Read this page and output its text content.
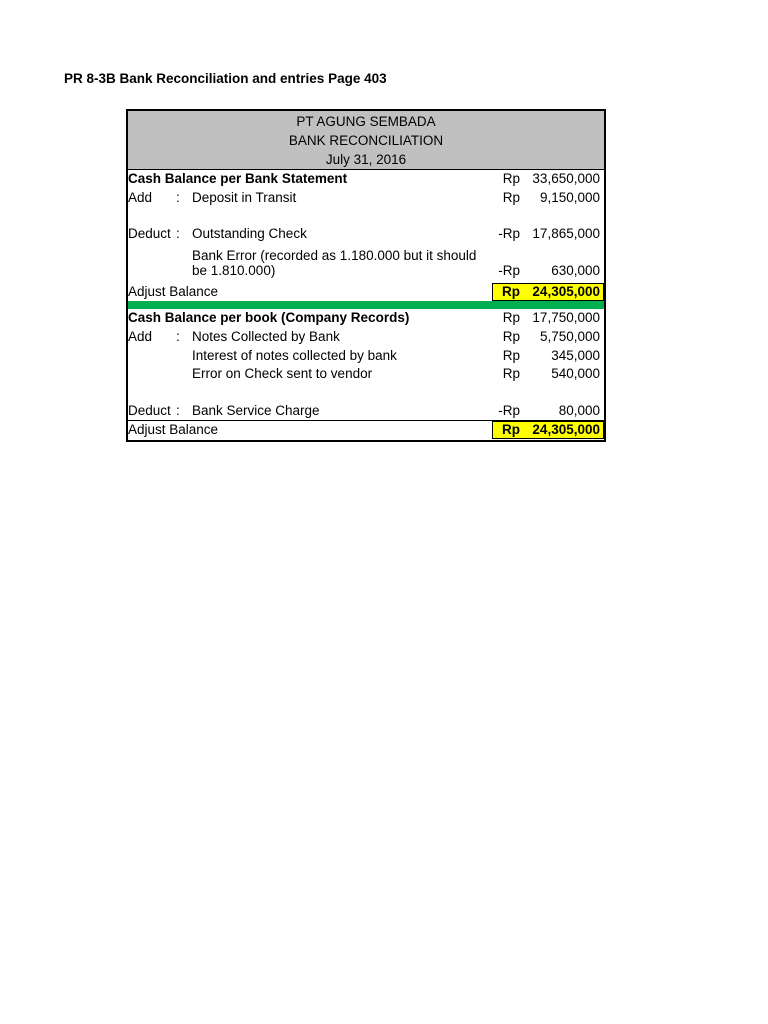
PR 8-3B Bank Reconciliation and entries Page 403
PT AGUNG SEMBADA
BANK RECONCILIATION
July 31, 2016
Cash Balance per Bank Statement	Rp 33,650,000
Add : Deposit in Transit	Rp	9,150,000
Deduct : Outstanding Check	-Rp 17,865,000
Bank Error (recorded as 1.180.000 but it should be 1.810.000)	-Rp	630,000
Adjust Balance	Rp 24,305,000
Cash Balance per book (Company Records)	Rp 17,750,000
Add : Notes Collected by Bank	Rp	5,750,000
Interest of notes collected by bank	Rp	345,000
Error on Check sent to vendor	Rp	540,000
Deduct : Bank Service Charge	-Rp	80,000
Adjust Balance	Rp 24,305,000
